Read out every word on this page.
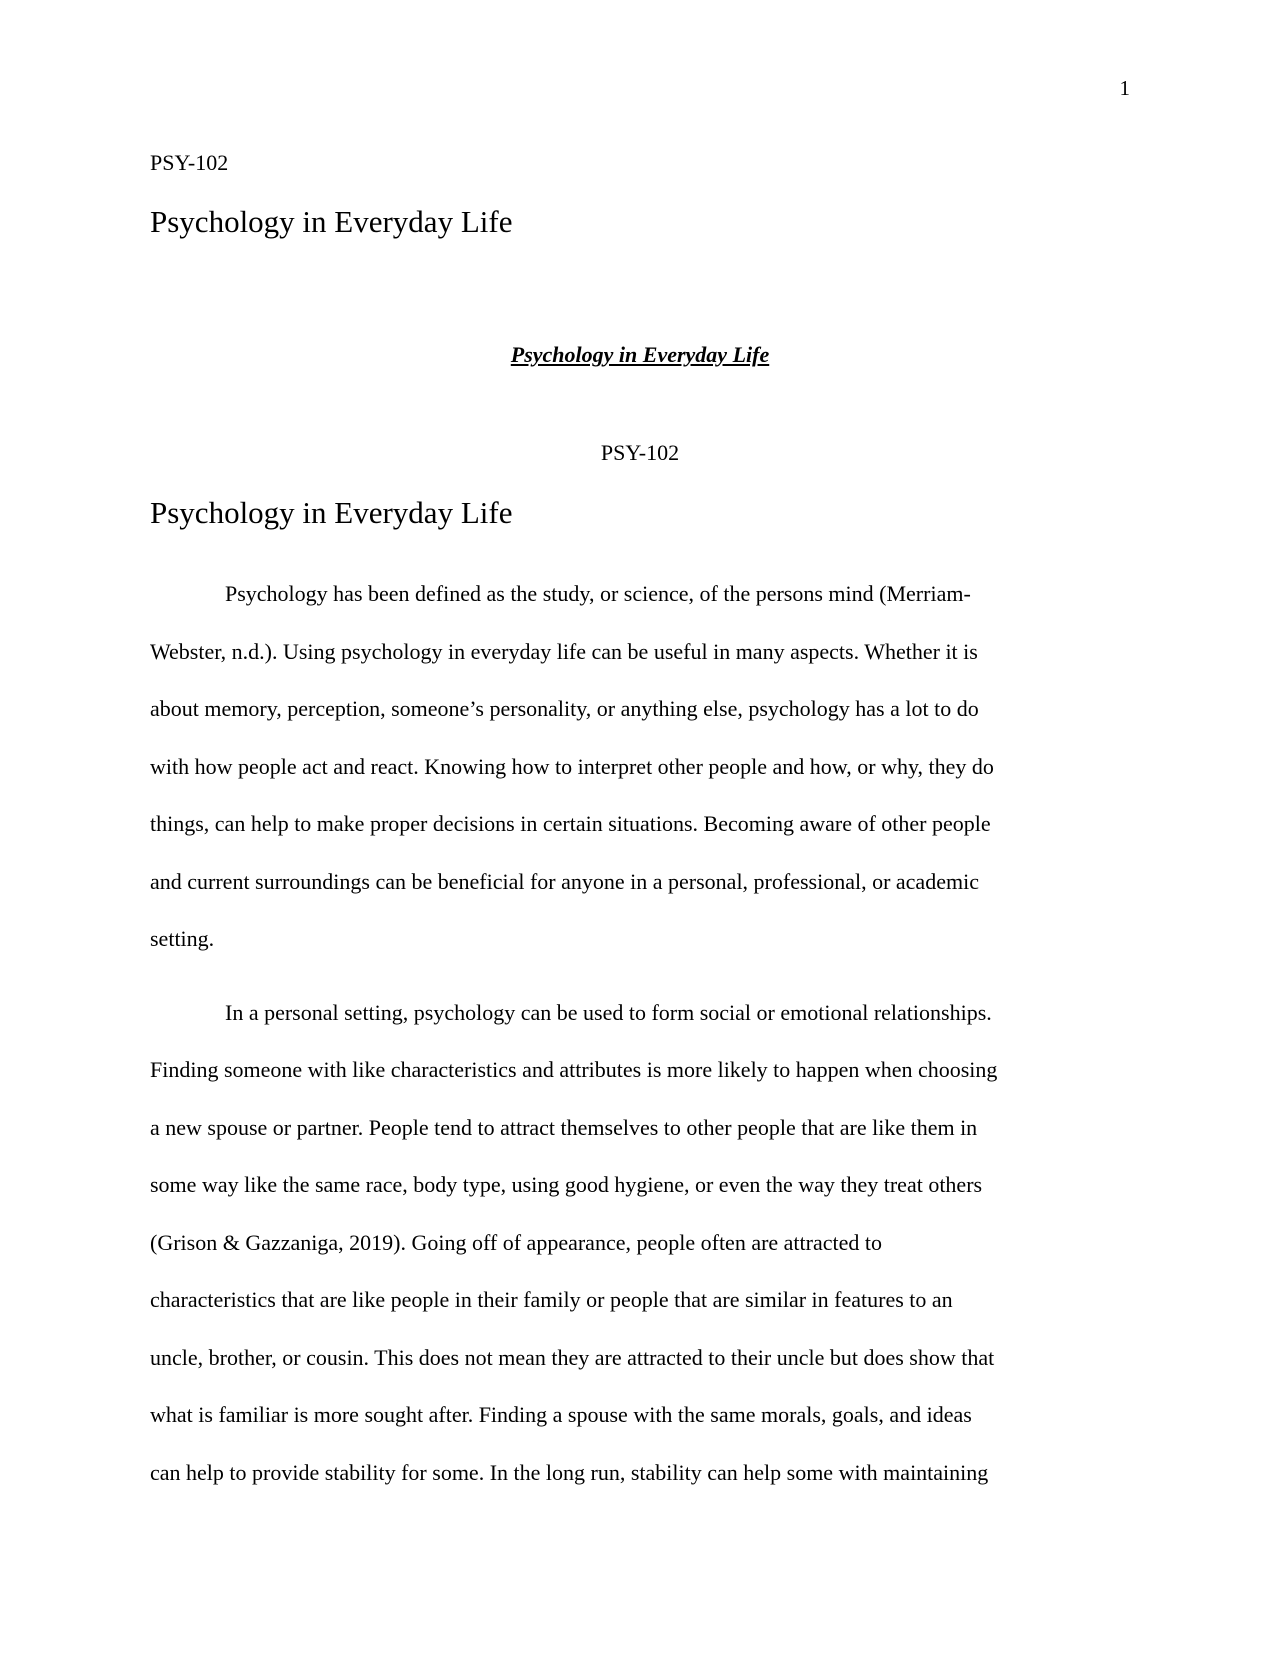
1
PSY-102
Psychology in Everyday Life
Psychology in Everyday Life
PSY-102
Psychology in Everyday Life

Psychology has been defined as the study, or science, of the persons mind (Merriam-
Webster, n.d.). Using psychology in everyday life can be useful in many aspects. Whether it is
about memory, perception, someone’s personality, or anything else, psychology has a lot to do
with how people act and react. Knowing how to interpret other people and how, or why, they do
things, can help to make proper decisions in certain situations. Becoming aware of other people
and current surroundings can be beneficial for anyone in a personal, professional, or academic
setting.

In a personal setting, psychology can be used to form social or emotional relationships.
Finding someone with like characteristics and attributes is more likely to happen when choosing
a new spouse or partner. People tend to attract themselves to other people that are like them in
some way like the same race, body type, using good hygiene, or even the way they treat others
(Grison & Gazzaniga, 2019). Going off of appearance, people often are attracted to
characteristics that are like people in their family or people that are similar in features to an
uncle, brother, or cousin. This does not mean they are attracted to their uncle but does show that
what is familiar is more sought after. Finding a spouse with the same morals, goals, and ideas
can help to provide stability for some. In the long run, stability can help some with maintaining
